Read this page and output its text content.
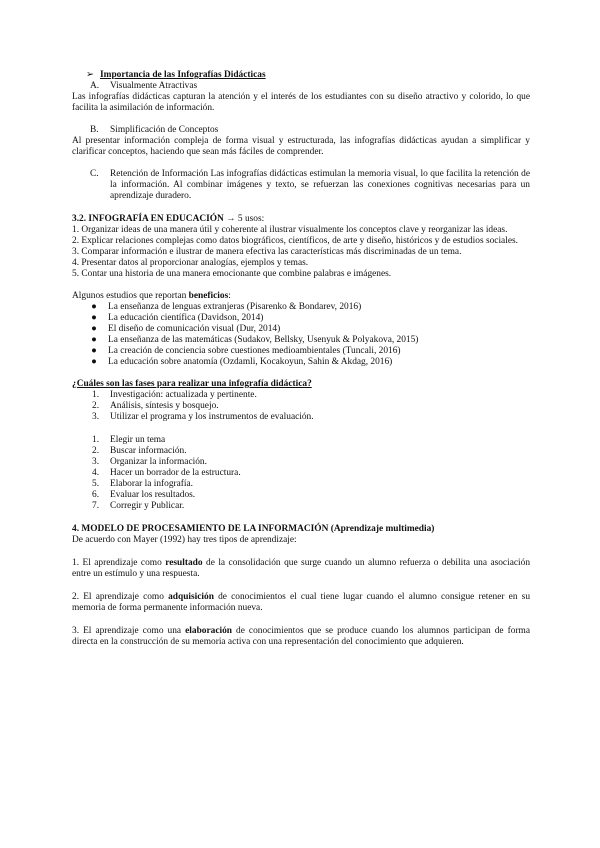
➢ Importancia de las Infografías Didácticas
A.	Visualmente Atractivas

Las infografías didácticas capturan la atención y el interés de los estudiantes con su diseño atractivo y colorido, lo que facilita la asimilación de información.

B.	Simplificación de Conceptos

Al presentar información compleja de forma visual y estructurada, las infografías didácticas ayudan a simplificar y clarificar conceptos, haciendo que sean más fáciles de comprender.

C.	Retención de Información Las infografías didácticas estimulan la memoria visual, lo que facilita la retención de la información. Al combinar imágenes y texto, se refuerzan las conexiones cognitivas necesarias para un aprendizaje duradero.

3.2. INFOGRAFÍA EN EDUCACIÓN → 5 usos:

1. Organizar ideas de una manera útil y coherente al ilustrar visualmente los conceptos clave y reorganizar las ideas.

2. Explicar relaciones complejas como datos biográficos, científicos, de arte y diseño, históricos y de estudios sociales.

3. Comparar información e ilustrar de manera efectiva las características más discriminadas de un tema.

4. Presentar datos al proporcionar analogías, ejemplos y temas.

5. Contar una historia de una manera emocionante que combine palabras e imágenes.

Algunos estudios que reportan beneficios:

●	La enseñanza de lenguas extranjeras (Pisarenko & Bondarev, 2016)
●	La educación científica (Davidson, 2014)
●	El diseño de comunicación visual (Dur, 2014)
●	La enseñanza de las matemáticas (Sudakov, Bellsky, Usenyuk & Polyakova, 2015)
●	La creación de conciencia sobre cuestiones medioambientales (Tuncali, 2016)
●	La educación sobre anatomía (Ozdamli, Kocakoyun, Sahin & Akdag, 2016)

¿Cuáles son las fases para realizar una infografía didáctica?

1.	Investigación: actualizada y pertinente.
2.	Análisis, síntesis y bosquejo.
3.	Utilizar el programa y los instrumentos de evaluación.
1.	Elegir un tema
2.	Buscar información.
3.	Organizar la información.
4.	Hacer un borrador de la estructura.
5.	Elaborar la infografía.
6.	Evaluar los resultados.
7.	Corregir y Publicar.

4. MODELO DE PROCESAMIENTO DE LA INFORMACIÓN (Aprendizaje multimedia)

De acuerdo con Mayer (1992) hay tres tipos de aprendizaje:

1. El aprendizaje como resultado de la consolidación que surge cuando un alumno refuerza o debilita una asociación entre un estímulo y una respuesta.

2. El aprendizaje como adquisición de conocimientos el cual tiene lugar cuando el alumno consigue retener en su memoria de forma permanente información nueva.

3. El aprendizaje como una elaboración de conocimientos que se produce cuando los alumnos participan de forma directa en la construcción de su memoria activa con una representación del conocimiento que adquieren.
